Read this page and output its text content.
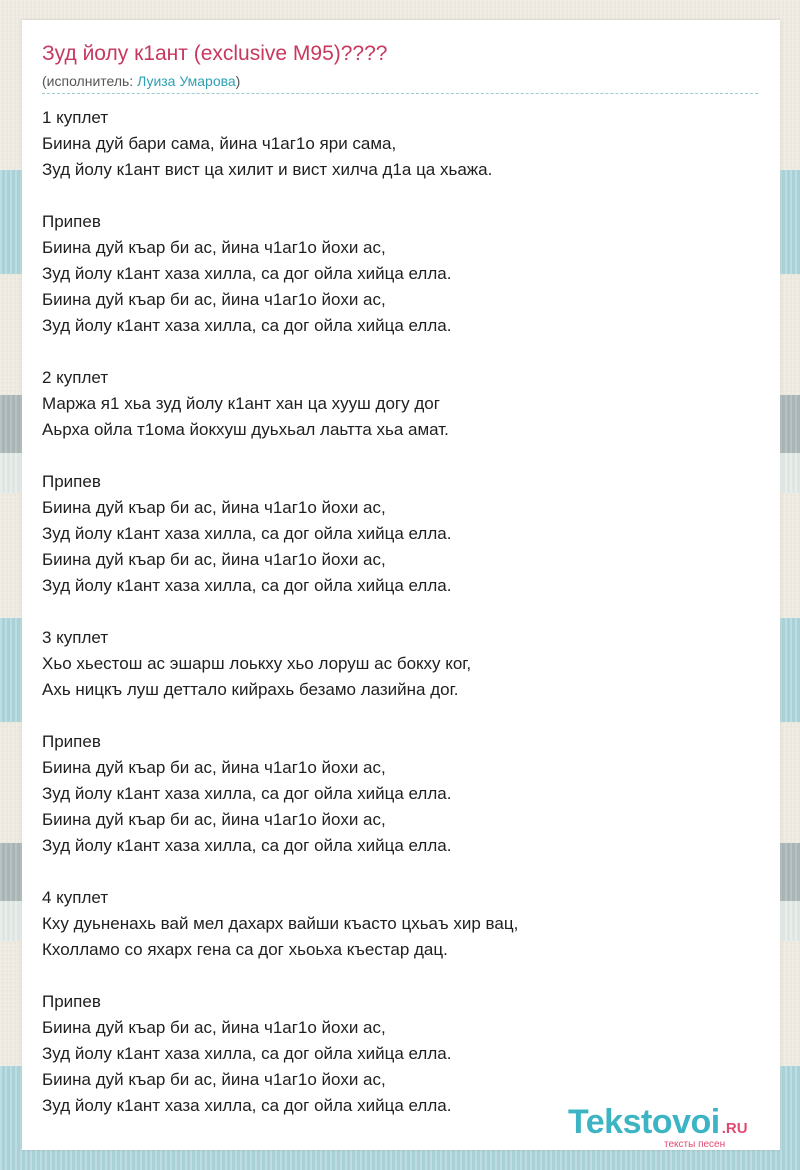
Зуд йолу к1ант (exclusive M95)????
(исполнитель: Луиза Умарова)
1 куплет
Биина дуй бари сама, йина ч1аг1о яри сама,
Зуд йолу к1ант вист ца хилит и вист хилча д1а ца хьажа.
Припев
Биина дуй къар би ас, йина ч1аг1о йохи ас,
Зуд йолу к1ант хаза хилла, са дог ойла хийца елла.
Биина дуй къар би ас, йина ч1аг1о йохи ас,
Зуд йолу к1ант хаза хилла, са дог ойла хийца елла.
2 куплет
Маржа я1 хьа зуд йолу к1ант хан ца хууш догу дог
Аьрха ойла т1ома йокхуш дуьхьал лаьтта хьа амат.
Припев
Биина дуй къар би ас, йина ч1аг1о йохи ас,
Зуд йолу к1ант хаза хилла, са дог ойла хийца елла.
Биина дуй къар би ас, йина ч1аг1о йохи ас,
Зуд йолу к1ант хаза хилла, са дог ойла хийца елла.
3 куплет
Хьо хьестош ас эшарш лоькху хьо лоруш ас бокху ког,
Ахь ницкъ луш деттало кийрахь безамо лазийна дог.
Припев
Биина дуй къар би ас, йина ч1аг1о йохи ас,
Зуд йолу к1ант хаза хилла, са дог ойла хийца елла.
Биина дуй къар би ас, йина ч1аг1о йохи ас,
Зуд йолу к1ант хаза хилла, са дог ойла хийца елла.
4 куплет
Кху дуьненахь вай мел дахарх вайши къасто цхьаъ хир вац,
Кхолламо со яхарх гена са дог хьоьха къестар дац.
Припев
Биина дуй къар би ас, йина ч1аг1о йохи ас,
Зуд йолу к1ант хаза хилла, са дог ойла хийца елла.
Биина дуй къар би ас, йина ч1аг1о йохи ас,
Зуд йолу к1ант хаза хилла, са дог ойла хийца елла.	Tekstovoi .RU
тексты песен
